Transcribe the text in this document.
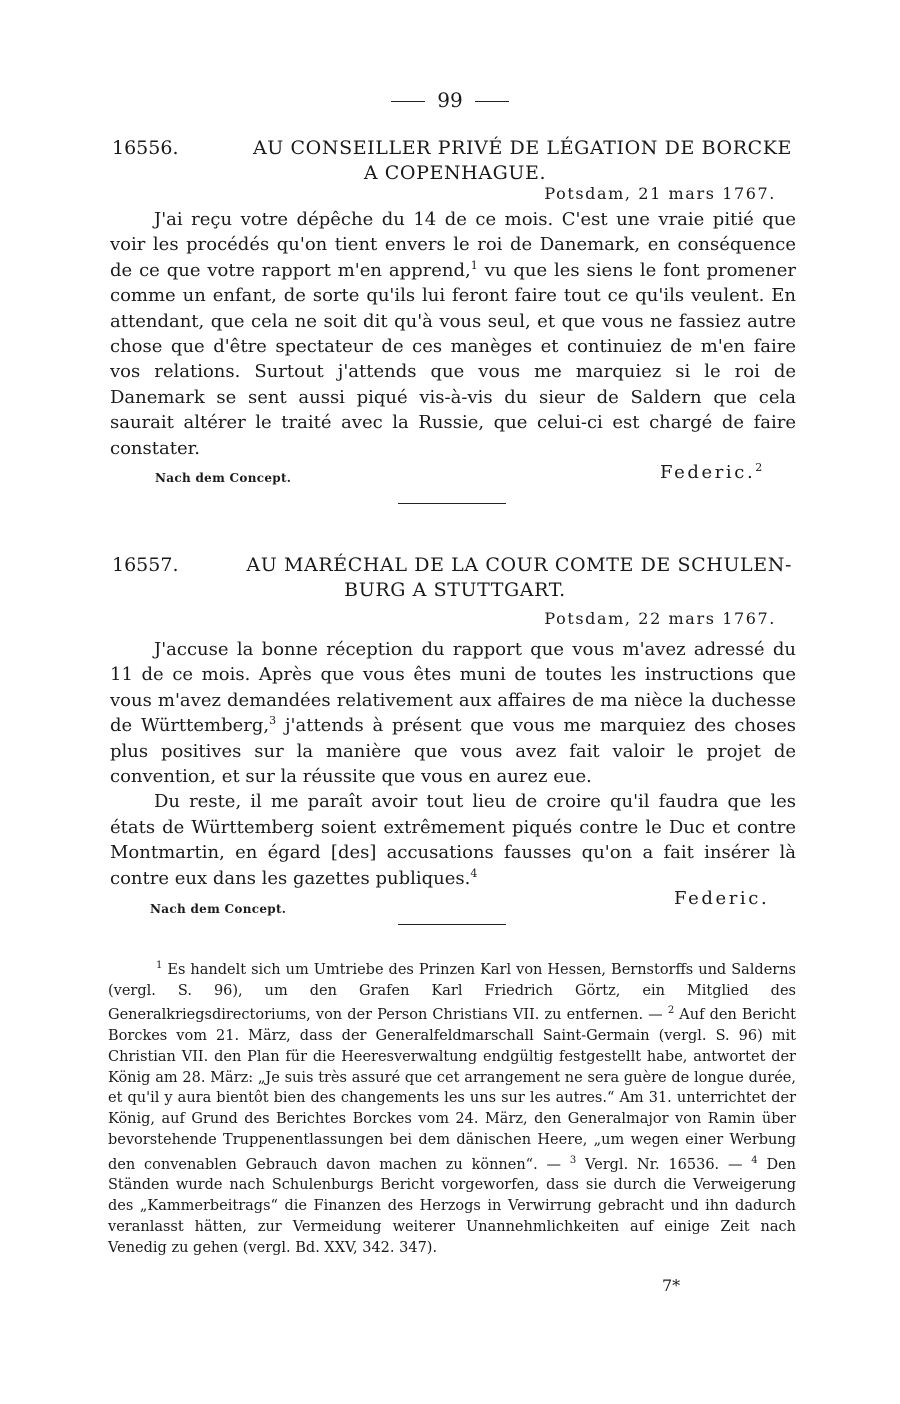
99
16556.	AU CONSEILLER PRIVÉ DE LÉGATION DE BORCKE
A COPENHAGUE.
Potsdam, 21 mars 1767.

J'ai reçu votre dépêche du 14 de ce mois. C'est une vraie pitié que voir les procédés qu'on tient envers le roi de Danemark, en conséquence de ce que votre rapport m'en apprend,$^1$ vu que les siens le font promener comme un enfant, de sorte qu'ils lui feront faire tout ce qu'ils veulent. En attendant, que cela ne soit dit qu'à vous seul, et que vous ne fassiez autre chose que d'être spectateur de ces manèges et continuiez de m'en faire vos relations. Surtout j'attends que vous me marquiez si le roi de Danemark se sent aussi piqué vis-à-vis du sieur de Saldern que cela saurait altérer le traité avec la Russie, que celui-ci est chargé de faire constater.

Nach dem Concept.	Federic.$^2$
16557.	AU MARÉCHAL DE LA COUR COMTE DE SCHULEN-
BURG A STUTTGART.
Potsdam, 22 mars 1767.

J'accuse la bonne réception du rapport que vous m'avez adressé du 11 de ce mois. Après que vous êtes muni de toutes les instructions que vous m'avez demandées relativement aux affaires de ma nièce la duchesse de Württemberg,$^3$ j'attends à présent que vous me marquiez des choses plus positives sur la manière que vous avez fait valoir le projet de convention, et sur la réussite que vous en aurez eue.

Du reste, il me paraît avoir tout lieu de croire qu'il faudra que les états de Württemberg soient extrêmement piqués contre le Duc et contre Montmartin, en égard [des] accusations fausses qu'on a fait insérer là contre eux dans les gazettes publiques.$^4$

Nach dem Concept.	Federic.
$^1$ Es handelt sich um Umtriebe des Prinzen Karl von Hessen, Bernstorffs und Salderns (vergl. S. 96), um den Grafen Karl Friedrich Görtz, ein Mitglied des Generalkriegsdirectoriums, von der Person Christians VII. zu entfernen. — $^2$ Auf den Bericht Borckes vom 21. März, dass der Generalfeldmarschall Saint-Germain (vergl. S. 96) mit Christian VII. den Plan für die Heeresverwaltung endgültig festgestellt habe, antwortet der König am 28. März: „Je suis très assuré que cet arrangement ne sera guère de longue durée, et qu'il y aura bientôt bien des changements les uns sur les autres.“ Am 31. unterrichtet der König, auf Grund des Berichtes Borckes vom 24. März, den Generalmajor von Ramin über bevorstehende Truppenentlassungen bei dem dänischen Heere, „um wegen einer Werbung den convenablen Gebrauch davon machen zu können“. — $^3$ Vergl. Nr. 16536. — $^4$ Den Ständen wurde nach Schulenburgs Bericht vorgeworfen, dass sie durch die Verweigerung des „Kammerbeitrags“ die Finanzen des Herzogs in Verwirrung gebracht und ihn dadurch veranlasst hätten, zur Vermeidung weiterer Unannehmlichkeiten auf einige Zeit nach Venedig zu gehen (vergl. Bd. XXV, 342. 347).
7*
